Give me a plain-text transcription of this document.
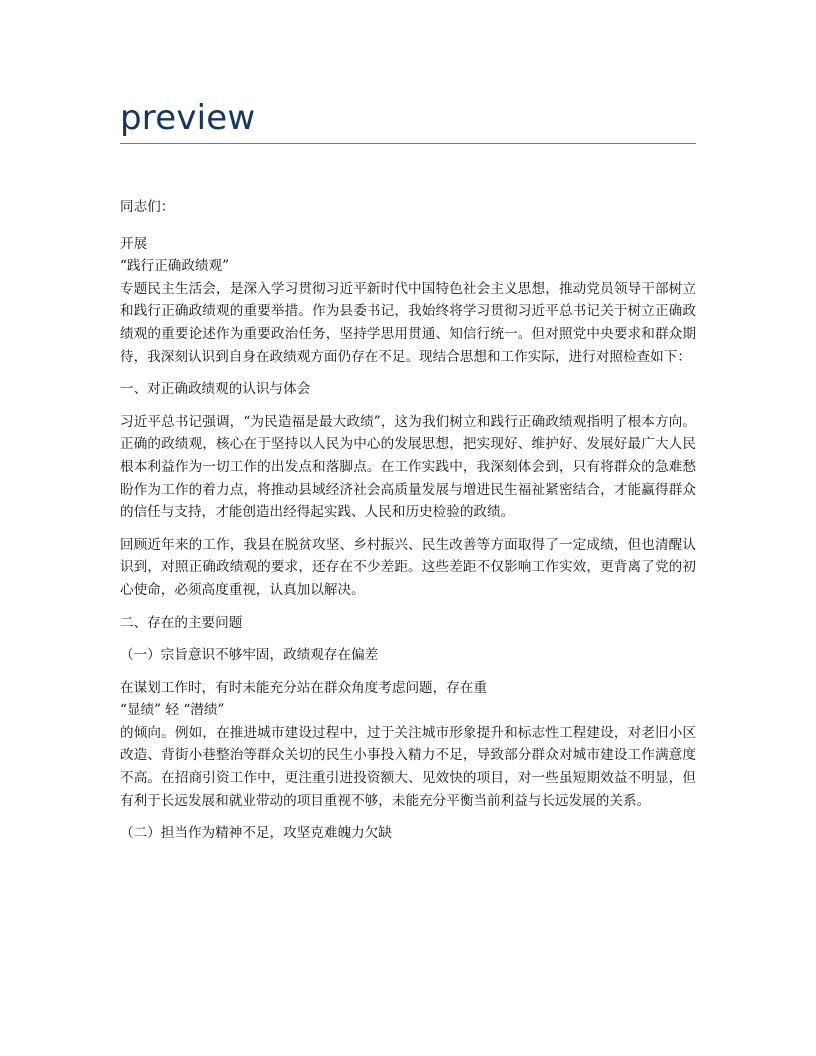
preview

同志们：

开展
“践行正确政绩观”
专题民主生活会，是深入学习贯彻习近平新时代中国特色社会主义思想，推动党员领导干部树立和践行正确政绩观的重要举措。作为县委书记，我始终将学习贯彻习近平总书记关于树立正确政绩观的重要论述作为重要政治任务，坚持学思用贯通、知信行统一。但对照党中央要求和群众期待，我深刻认识到自身在政绩观方面仍存在不足。现结合思想和工作实际，进行对照检查如下：

一、对正确政绩观的认识与体会

习近平总书记强调，“为民造福是最大政绩”，这为我们树立和践行正确政绩观指明了根本方向。正确的政绩观，核心在于坚持以人民为中心的发展思想，把实现好、维护好、发展好最广大人民根本利益作为一切工作的出发点和落脚点。在工作实践中，我深刻体会到，只有将群众的急难愁盼作为工作的着力点，将推动县域经济社会高质量发展与增进民生福祉紧密结合，才能赢得群众的信任与支持，才能创造出经得起实践、人民和历史检验的政绩。

回顾近年来的工作，我县在脱贫攻坚、乡村振兴、民生改善等方面取得了一定成绩，但也清醒认识到，对照正确政绩观的要求，还存在不少差距。这些差距不仅影响工作实效，更背离了党的初心使命，必须高度重视，认真加以解决。

二、存在的主要问题

（一）宗旨意识不够牢固，政绩观存在偏差

在谋划工作时，有时未能充分站在群众角度考虑问题，存在重
“显绩” 轻 “潜绩”
的倾向。例如，在推进城市建设过程中，过于关注城市形象提升和标志性工程建设，对老旧小区改造、背街小巷整治等群众关切的民生小事投入精力不足，导致部分群众对城市建设工作满意度不高。在招商引资工作中，更注重引进投资额大、见效快的项目，对一些虽短期效益不明显，但有利于长远发展和就业带动的项目重视不够，未能充分平衡当前利益与长远发展的关系。

（二）担当作为精神不足，攻坚克难魄力欠缺
